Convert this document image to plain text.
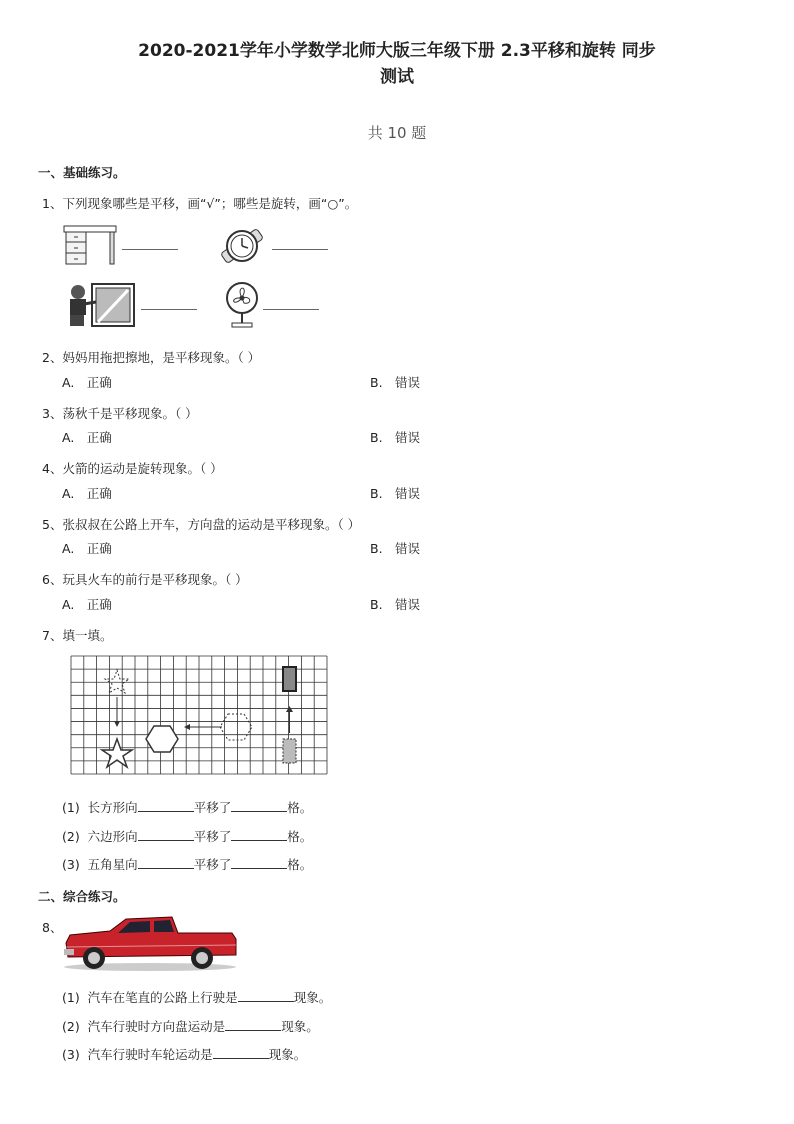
2020-2021学年小学数学北师大版三年级下册 2.3平移和旋转 同步
测试
共 10 题
一、基础练习。
1、下列现象哪些是平移，画“√”；哪些是旋转，画“○”。
2、妈妈用拖把擦地，是平移现象。（ ）
A.　正确	B.　错误
3、荡秋千是平移现象。（ ）
A.　正确	B.　错误
4、火箭的运动是旋转现象。（ ）
A.　正确	B.　错误
5、张叔叔在公路上开车，方向盘的运动是平移现象。（ ）
A.　正确	B.　错误
6、玩具火车的前行是平移现象。（ ）
A.　正确	B.　错误
7、填一填。
(1) 长方形向	平移了	格。
(2) 六边形向	平移了	格。
(3) 五角星向	平移了	格。
二、综合练习。
8、
(1) 汽车在笔直的公路上行驶是	现象。
(2) 汽车行驶时方向盘运动是	现象。
(3) 汽车行驶时车轮运动是	现象。
